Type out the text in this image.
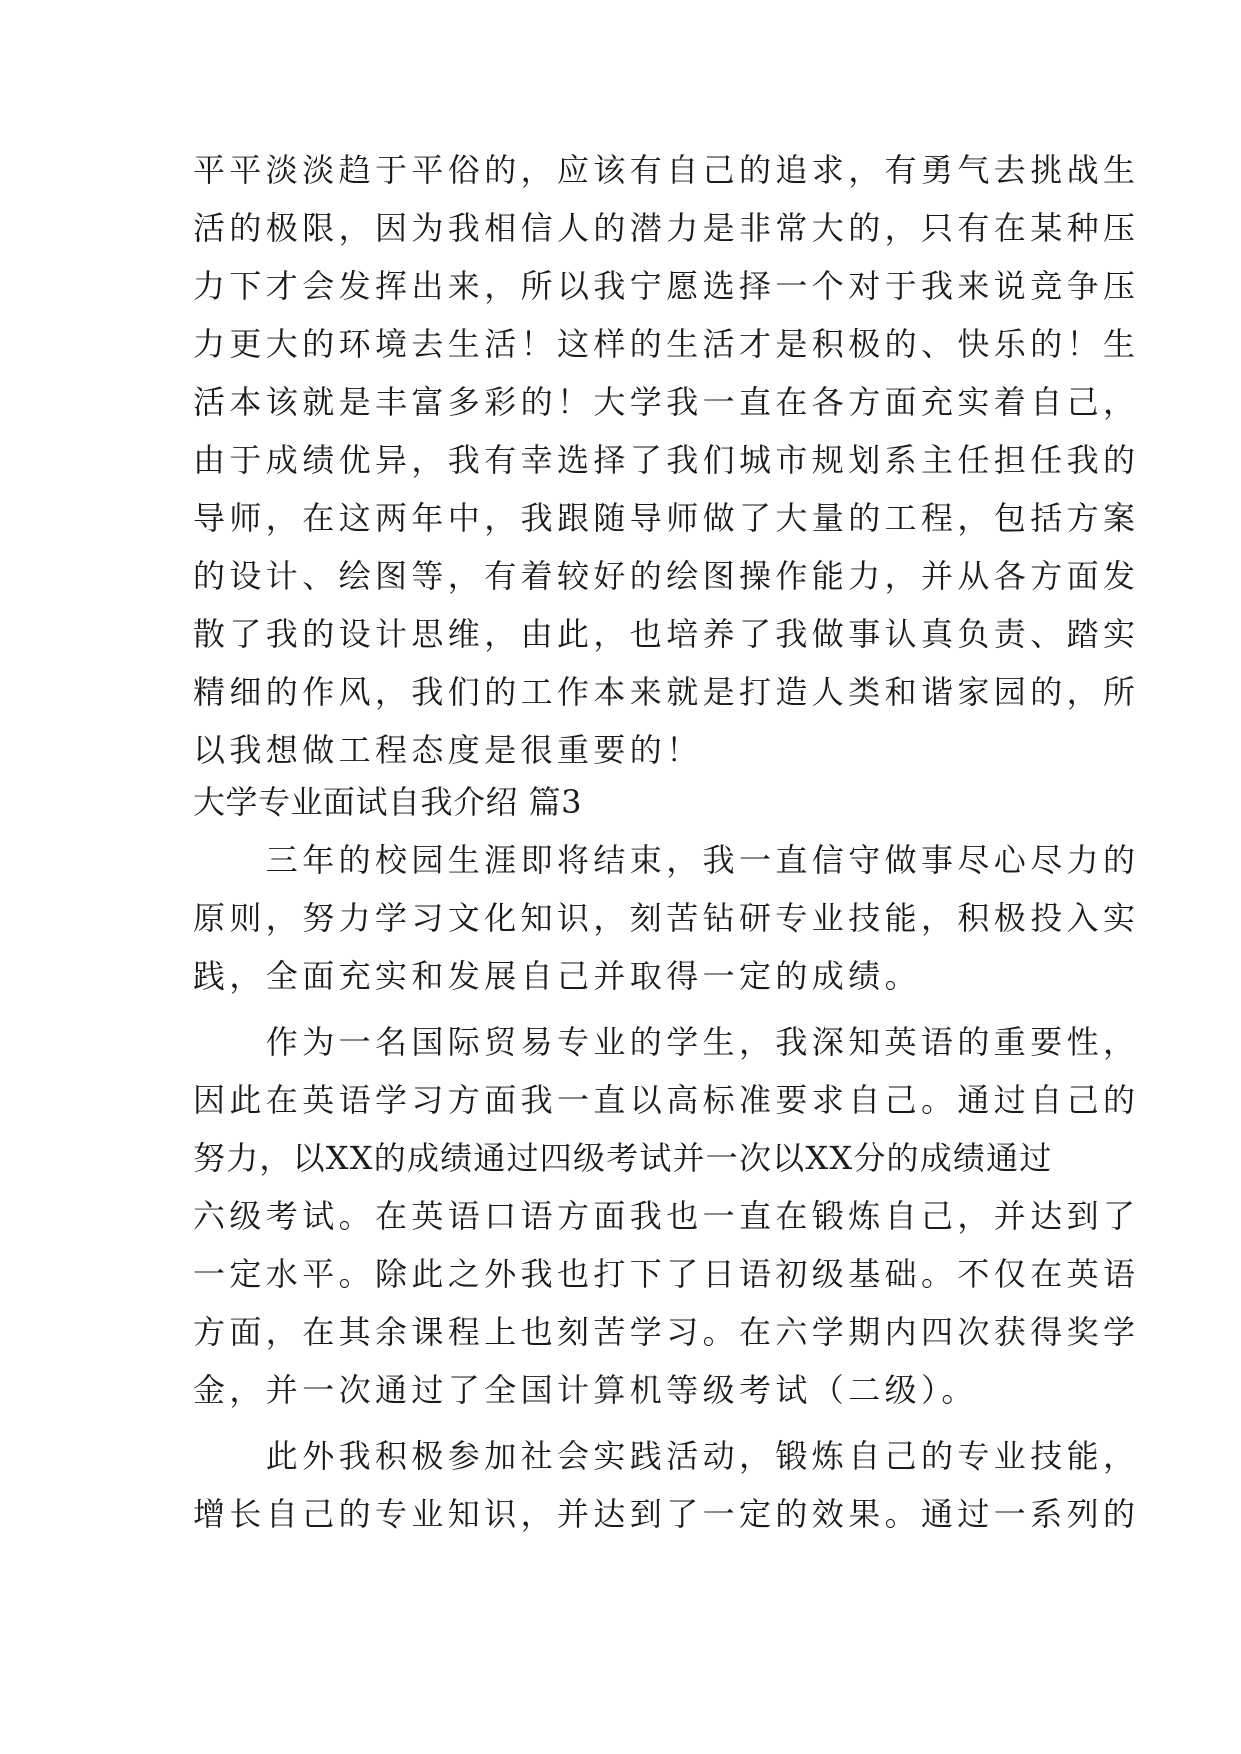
平平淡淡趋于平俗的，应该有自己的追求，有勇气去挑战生
活的极限，因为我相信人的潜力是非常大的，只有在某种压
力下才会发挥出来，所以我宁愿选择一个对于我来说竞争压
力更大的环境去生活！这样的生活才是积极的、快乐的！生
活本该就是丰富多彩的！大学我一直在各方面充实着自己，
由于成绩优异，我有幸选择了我们城市规划系主任担任我的
导师，在这两年中，我跟随导师做了大量的工程，包括方案
的设计、绘图等，有着较好的绘图操作能力，并从各方面发
散了我的设计思维，由此，也培养了我做事认真负责、踏实
精细的作风，我们的工作本来就是打造人类和谐家园的，所
以我想做工程态度是很重要的！
大学专业面试自我介绍 篇3
　　三年的校园生涯即将结束，我一直信守做事尽心尽力的
原则，努力学习文化知识，刻苦钻研专业技能，积极投入实
践，全面充实和发展自己并取得一定的成绩。
　　作为一名国际贸易专业的学生，我深知英语的重要性，
因此在英语学习方面我一直以高标准要求自己。通过自己的
努力，以XX的成绩通过四级考试并一次以XX分的成绩通过
六级考试。在英语口语方面我也一直在锻炼自己，并达到了
一定水平。除此之外我也打下了日语初级基础。不仅在英语
方面，在其余课程上也刻苦学习。在六学期内四次获得奖学
金，并一次通过了全国计算机等级考试（二级）。
　　此外我积极参加社会实践活动，锻炼自己的专业技能，
增长自己的专业知识，并达到了一定的效果。通过一系列的
